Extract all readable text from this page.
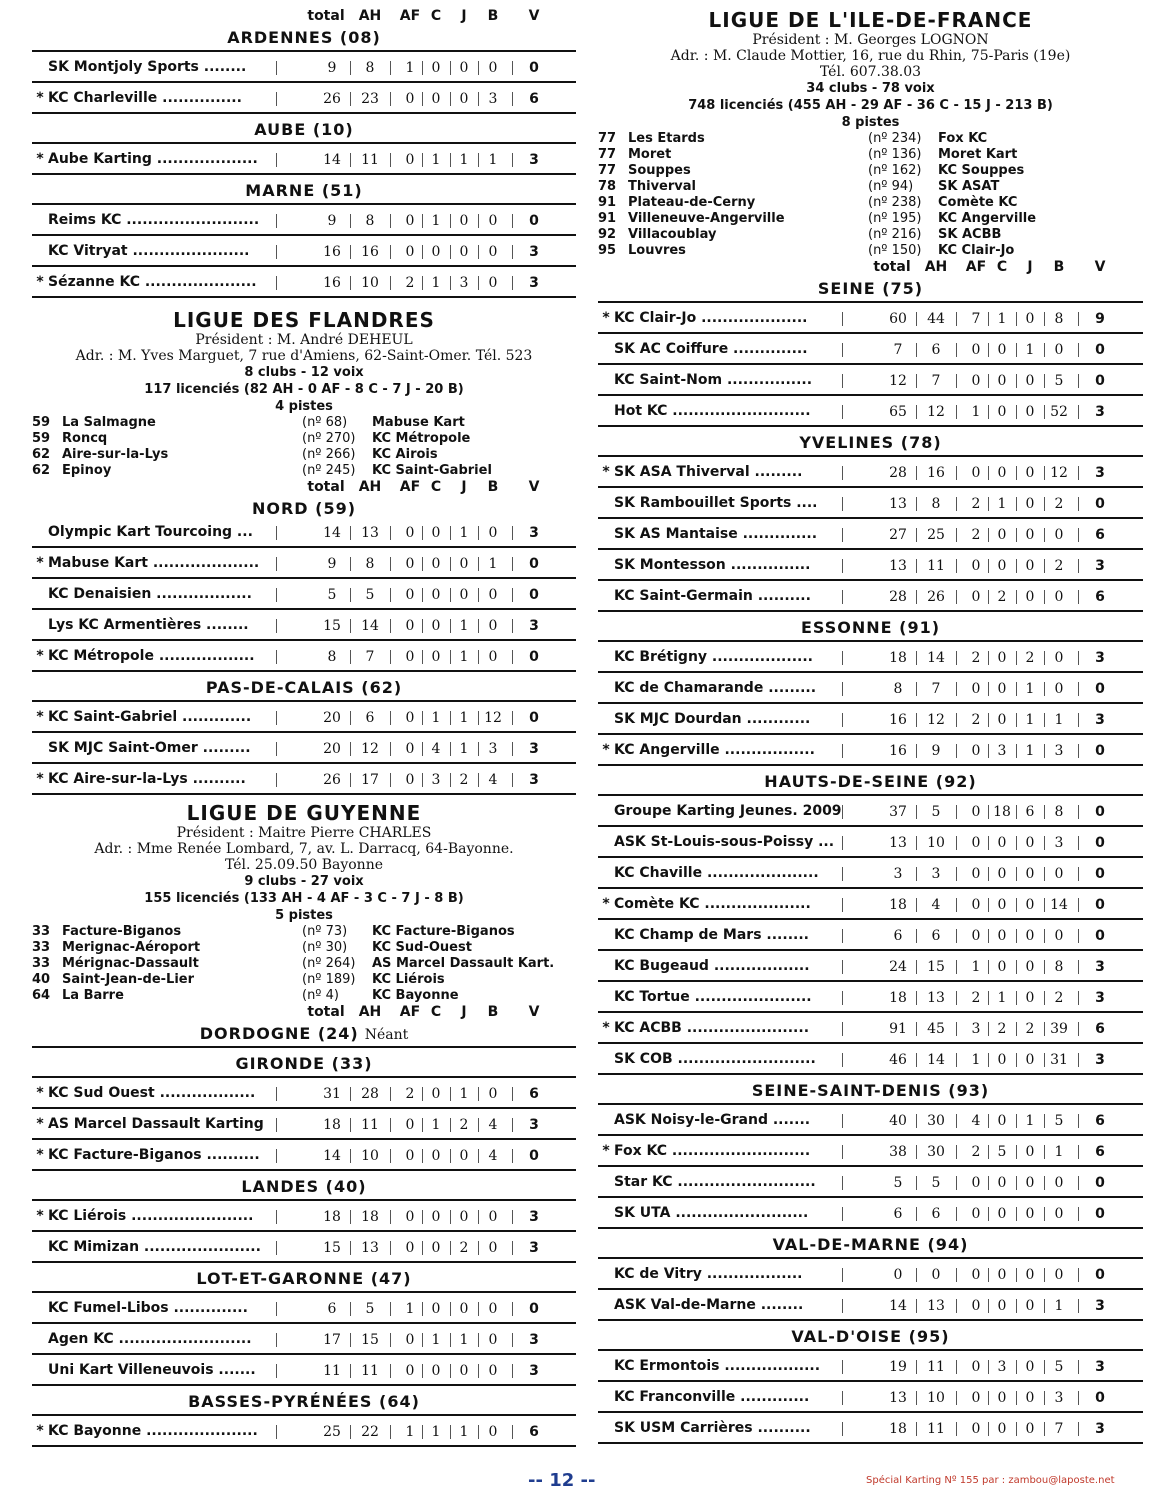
total AH AF C J B V
ARDENNES (08)
SK Montjoly Sports ........	9 8 1 0 0 0 0
* KC Charleville ...............	26 23 0 0 0 3 6
AUBE (10)
* Aube Karting ...................	14 11 0 1 1 1 3
MARNE (51)
Reims KC .........................	9 8 0 1 0 0 0
KC Vitryat ......................	16 16 0 0 0 0 3
* Sézanne KC .....................	16 10 2 1 3 0 3
LIGUE DES FLANDRES
Président : M. André DEHEUL
Adr. : M. Yves Marguet, 7 rue d'Amiens, 62-Saint-Omer. Tél. 523
8 clubs - 12 voix
117 licenciés (82 AH - 0 AF - 8 C - 7 J - 20 B)
4 pistes
59 La Salmagne	(nº 68) Mabuse Kart
59 Roncq	(nº 270) KC Métropole
62 Aire-sur-la-Lys	(nº 266) KC Airois
62 Epinoy	(nº 245) KC Saint-Gabriel
total AH AF C J B V
NORD (59)
Olympic Kart Tourcoing ...	14 13 0 0 1 0 3
* Mabuse Kart ....................	9 8 0 0 0 1 0
KC Denaisien ..................	5 5 0 0 0 0 0
Lys KC Armentières ........	15 14 0 0 1 0 3
* KC Métropole ..................	8 7 0 0 1 0 0
PAS-DE-CALAIS (62)
* KC Saint-Gabriel .............	20 6 0 1 1 12 0
SK MJC Saint-Omer .........	20 12 0 4 1 3 3
* KC Aire-sur-la-Lys ..........	26 17 0 3 2 4 3
LIGUE DE GUYENNE
Président : Maitre Pierre CHARLES
Adr. : Mme Renée Lombard, 7, av. L. Darracq, 64-Bayonne.
Tél. 25.09.50 Bayonne
9 clubs - 27 voix
155 licenciés (133 AH - 4 AF - 3 C - 7 J - 8 B)
5 pistes
33 Facture-Biganos	(nº 73) KC Facture-Biganos
33 Merignac-Aéroport	(nº 30) KC Sud-Ouest
33 Mérignac-Dassault	(nº 264) AS Marcel Dassault Kart.
40 Saint-Jean-de-Lier	(nº 189) KC Liérois
64 La Barre	(nº 4)	KC Bayonne
total AH AF C J B V
DORDOGNE (24) Néant
GIRONDE (33)
* KC Sud Ouest ..................	31 28 2 0 1 0 6
* AS Marcel Dassault Karting	18 11 0 1 2 4 3
* KC Facture-Biganos ..........	14 10 0 0 0 4 0
LANDES (40)
* KC Liérois .......................	18 18 0 0 0 0 3
KC Mimizan ......................	15 13 0 0 2 0 3
LOT-ET-GARONNE (47)
KC Fumel-Libos ..............	6 5 1 0 0 0 0
Agen KC .........................	17 15 0 1 1 0 3
Uni Kart Villeneuvois .......	11 11 0 0 0 0 3
BASSES-PYRÉNÉES (64)
* KC Bayonne .....................	25 22 1 1 1 0 6
LIGUE DE L'ILE-DE-FRANCE
Président : M. Georges LOGNON
Adr. : M. Claude Mottier, 16, rue du Rhin, 75-Paris (19e)
Tél. 607.38.03
34 clubs - 78 voix
748 licenciés (455 AH - 29 AF - 36 C - 15 J - 213 B)
8 pistes
77 Les Etards	(nº 234) Fox KC
77 Moret	(nº 136) Moret Kart
77 Souppes	(nº 162) KC Souppes
78 Thiverval	(nº 94) SK ASAT
91 Plateau-de-Cerny	(nº 238) Comète KC
91 Villeneuve-Angerville	(nº 195) KC Angerville
92 Villacoublay	(nº 216) SK ACBB
95 Louvres	(nº 150) KC Clair-Jo
total AH AF C J B V
SEINE (75)
* KC Clair-Jo ....................	60 44 7 1 0 8 9
SK AC Coiffure ..............	7 6 0 0 1 0 0
KC Saint-Nom ................	12 7 0 0 0 5 0
Hot KC ..........................	65 12 1 0 0 52 3
YVELINES (78)
* SK ASA Thiverval .........	28 16 0 0 0 12 3
SK Rambouillet Sports ....	13 8 2 1 0 2 0
SK AS Mantaise ..............	27 25 2 0 0 0 6
SK Montesson ...............	13 11 0 0 0 2 3
KC Saint-Germain ..........	28 26 0 2 0 0 6
ESSONNE (91)
KC Brétigny ...................	18 14 2 0 2 0 3
KC de Chamarande .........	8 7 0 0 1 0 0
SK MJC Dourdan ............	16 12 2 0 1 1 3
* KC Angerville .................	16 9 0 3 1 3 0
HAUTS-DE-SEINE (92)
Groupe Karting Jeunes. 2009	37 5 0 18 6 8 0
ASK St-Louis-sous-Poissy ...	13 10 0 0 0 3 0
KC Chaville .....................	3 3 0 0 0 0 0
* Comète KC ....................	18 4 0 0 0 14 0
KC Champ de Mars ........	6 6 0 0 0 0 0
KC Bugeaud ..................	24 15 1 0 0 8 3
KC Tortue ......................	18 13 2 1 0 2 3
* KC ACBB .......................	91 45 3 2 2 39 6
SK COB ..........................	46 14 1 0 0 31 3
SEINE-SAINT-DENIS (93)
ASK Noisy-le-Grand .......	40 30 4 0 1 5 6
* Fox KC ..........................	38 30 2 5 0 1 6
Star KC ..........................	5 5 0 0 0 0 0
SK UTA .........................	6 6 0 0 0 0 0
VAL-DE-MARNE (94)
KC de Vitry ..................	0 0 0 0 0 0 0
ASK Val-de-Marne ........	14 13 0 0 0 1 3
VAL-D'OISE (95)
KC Ermontois ..................	19 11 0 3 0 5 3
KC Franconville .............	13 10 0 0 0 3 0
SK USM Carrières ..........	18 11 0 0 0 7 3
-- 12 --	Spécial Karting Nº 155 par : zambou@laposte.net
